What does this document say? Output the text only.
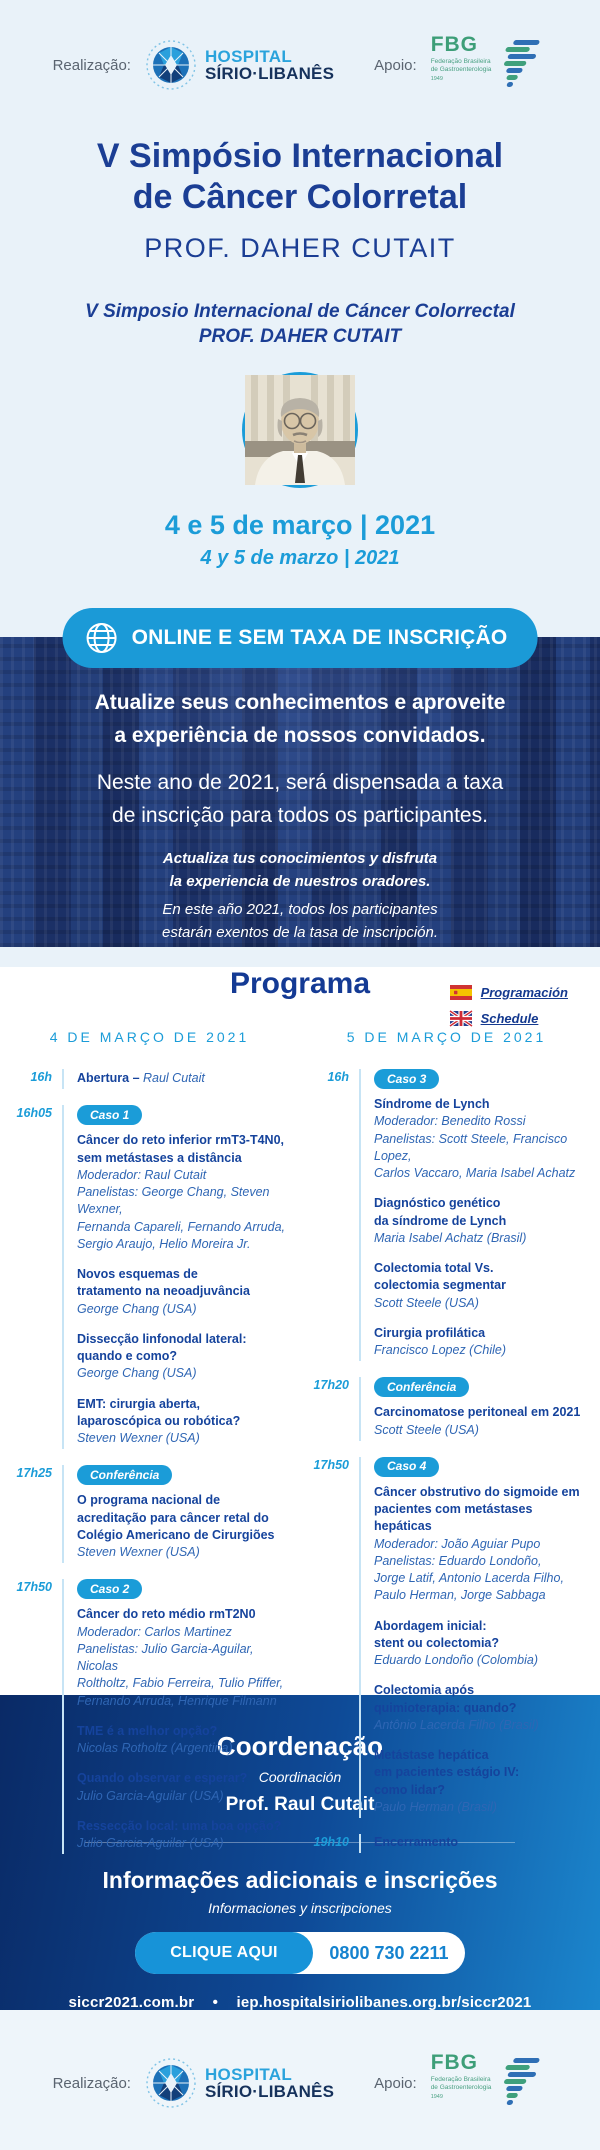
Realização:	HOSPITAL
SÍRIO·LIBANÊS	Apoio:
FBG
Federação Brasileira
de Gastroenterologia
1949
V Simpósio Internacional
de Câncer Colorretal
PROF. DAHER CUTAIT
V Simposio Internacional de Cáncer Colorrectal
PROF. DAHER CUTAIT
4 e 5 de março | 2021
4 y 5 de marzo | 2021
ONLINE E SEM TAXA DE INSCRIÇÃO
Atualize seus conhecimentos e aproveite
a experiência de nossos convidados.
Neste ano de 2021, será dispensada a taxa
de inscrição para todos os participantes.
Actualiza tus conocimientos y disfruta
la experiencia de nuestros oradores.
En este año 2021, todos los participantes
estarán exentos de la tasa de inscripción.
Programa	Programación
Schedule
4 DE MARÇO DE 2021
16h	Abertura – Raul Cutait
16h05	Caso 1
Câncer do reto inferior rmT3-T4N0,
sem metástases a distância
Moderador: Raul Cutait
Panelistas: George Chang, Steven Wexner,
Fernanda Capareli, Fernando Arruda,
Sergio Araujo, Helio Moreira Jr.
Novos esquemas de
tratamento na neoadjuvância
George Chang (USA)
Dissecção linfonodal lateral:
quando e como?
George Chang (USA)
EMT: cirurgia aberta,
laparoscópica ou robótica?
Steven Wexner (USA)
17h25	Conferência
O programa nacional de
acreditação para câncer retal do
Colégio Americano de Cirurgiões
Steven Wexner (USA)
17h50	Caso 2
Câncer do reto médio rmT2N0
Moderador: Carlos Martinez
Panelistas: Julio Garcia-Aguilar, Nicolas
Roltholtz, Fabio Ferreira, Tulio Pfiffer,
Fernando Arruda, Henrique Filmann
TME é a melhor opção?
Nicolas Rotholtz (Argentina)
Quando observar e esperar?
Julio Garcia-Aguilar (USA)
Ressecção local: uma boa opção?
Julio Garcia-Aguilar (USA)
5 DE MARÇO DE 2021
16h	Caso 3
Síndrome de Lynch
Moderador: Benedito Rossi
Panelistas: Scott Steele, Francisco Lopez,
Carlos Vaccaro, Maria Isabel Achatz
Diagnóstico genético
da síndrome de Lynch
Maria Isabel Achatz (Brasil)
Colectomia total Vs.
colectomia segmentar
Scott Steele (USA)
Cirurgia profilática
Francisco Lopez (Chile)
17h20	Conferência
Carcinomatose peritoneal em 2021
Scott Steele (USA)
17h50	Caso 4
Câncer obstrutivo do sigmoide em
pacientes com metástases hepáticas
Moderador: João Aguiar Pupo
Panelistas: Eduardo Londoño,
Jorge Latif, Antonio Lacerda Filho,
Paulo Herman, Jorge Sabbaga
Abordagem inicial:
stent ou colectomia?
Eduardo Londoño (Colombia)
Colectomia após
quimioterapia: quando?
Antônio Lacerda Filho (Brasil)
Metástase hepática
em pacientes estágio IV:
como lidar?
Paulo Herman (Brasil)
19h10	Encerramento
Coordenação
Coordinación
Prof. Raul Cutait
Informações adicionais e inscrições
Informaciones y inscripciones
CLIQUE AQUI	0800 730 2211
siccr2021.com.br • iep.hospitalsiriolibanes.org.br/siccr2021
Realização:	HOSPITAL
SÍRIO·LIBANÊS	Apoio:
FBG
Federação Brasileira
de Gastroenterologia
1949
